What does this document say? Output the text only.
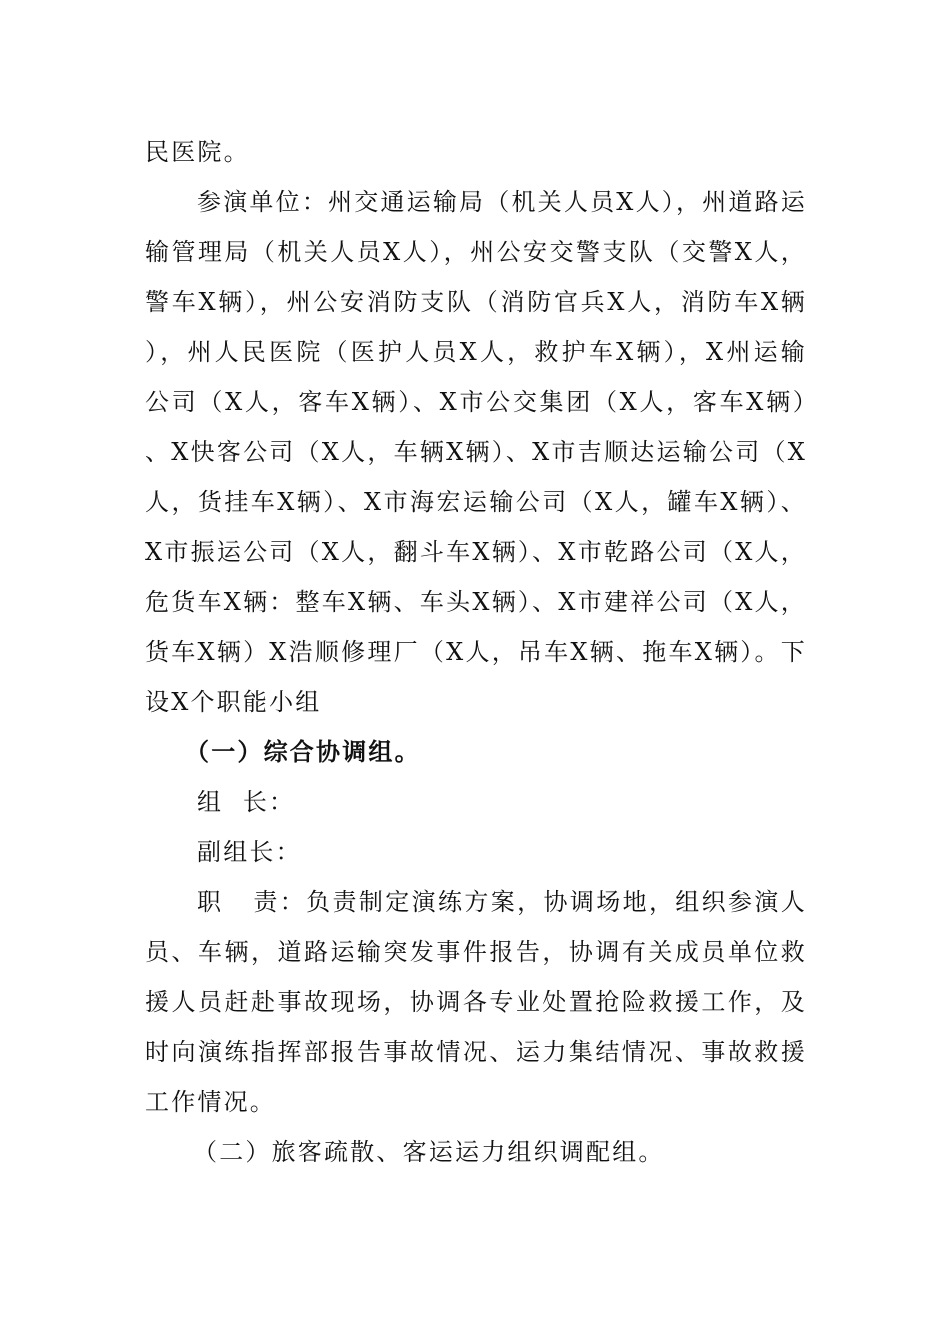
民医院。

参演单位：州交通运输局（机关人员X人），州道路运输管理局（机关人员X人），州公安交警支队（交警X人，警车X辆），州公安消防支队（消防官兵X人，消防车X辆），州人民医院（医护人员X人，救护车X辆），X州运输公司（X人，客车X辆）、X市公交集团（X人，客车X辆）、X快客公司（X人，车辆X辆）、X市吉顺达运输公司（X人，货挂车X辆）、X市海宏运输公司（X人，罐车X辆）、X市振运公司（X人，翻斗车X辆）、X市乾路公司（X人，危货车X辆：整车X辆、车头X辆）、X市建祥公司（X人，货车X辆）X浩顺修理厂（X人，吊车X辆、拖车X辆）。下设X个职能小组

（一）综合协调组。

组  长：

副组长：

职   责：负责制定演练方案，协调场地，组织参演人员、车辆，道路运输突发事件报告，协调有关成员单位救援人员赶赴事故现场，协调各专业处置抢险救援工作，及时向演练指挥部报告事故情况、运力集结情况、事故救援工作情况。

（二）旅客疏散、客运运力组织调配组。
